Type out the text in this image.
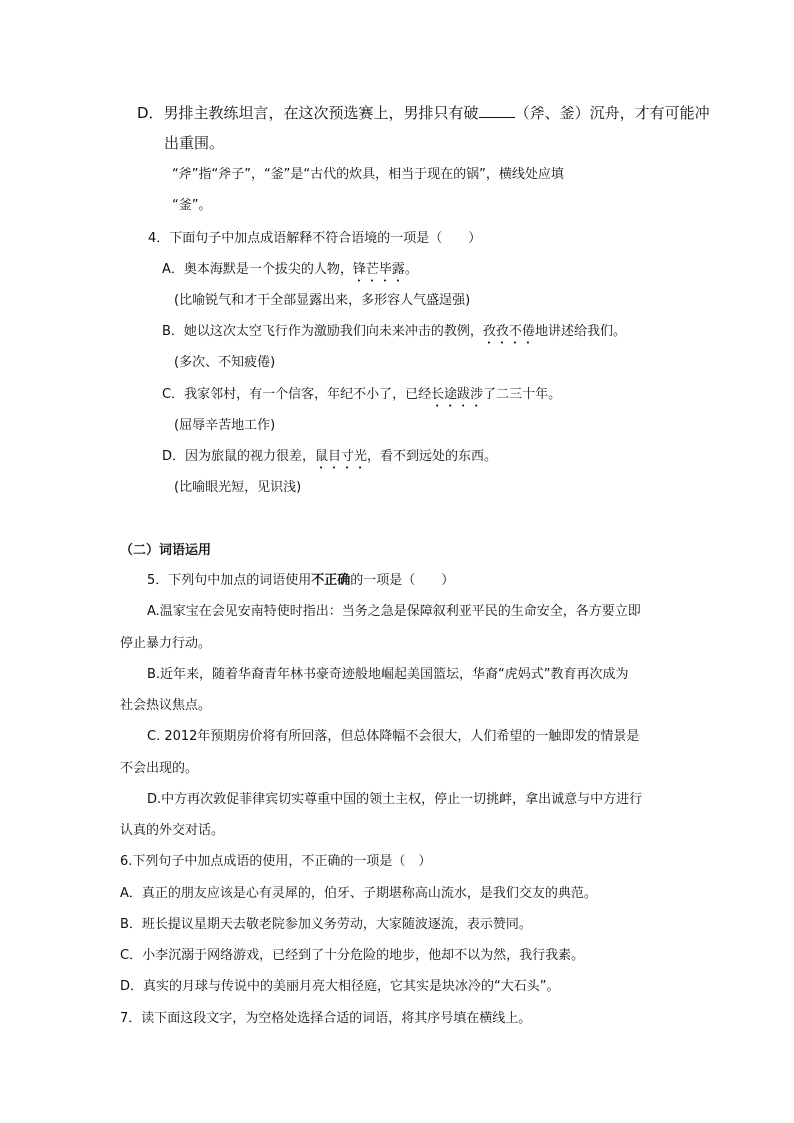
D．男排主教练坦言，在这次预选赛上，男排只有破 （斧、釜）沉舟，才有可能冲
出重围。
“斧”指“斧子”，“釜”是“古代的炊具，相当于现在的锅”，横线处应填
“釜”。
4．下面句子中加点成语解释不符合语境的一项是（　　）
A．奥本海默是一个拔尖的人物，锋芒毕露。
(比喻锐气和才干全部显露出来，多形容人气盛逞强)
B．她以这次太空飞行作为激励我们向未来冲击的教例，孜孜不倦地讲述给我们。
(多次、不知疲倦)
C．我家邻村，有一个信客，年纪不小了，已经长途跋涉了二三十年。
(屈辱辛苦地工作)
D．因为旅鼠的视力很差，鼠目寸光，看不到远处的东西。
(比喻眼光短，见识浅)
（二）词语运用
5．下列句中加点的词语使用不正确的一项是（　　）
A.温家宝在会见安南特使时指出：当务之急是保障叙利亚平民的生命安全，各方要立即
停止暴力行动。
B.近年来，随着华裔青年林书豪奇迹般地崛起美国篮坛，华裔“虎妈式”教育再次成为
社会热议焦点。
C. 2012年预期房价将有所回落，但总体降幅不会很大，人们希望的一触即发的情景是
不会出现的。
D.中方再次敦促菲律宾切实尊重中国的领土主权，停止一切挑衅，拿出诚意与中方进行
认真的外交对话。
6.下列句子中加点成语的使用，不正确的一项是（　）
A．真正的朋友应该是心有灵犀的，伯牙、子期堪称高山流水，是我们交友的典范。
B．班长提议星期天去敬老院参加义务劳动，大家随波逐流，表示赞同。
C．小李沉溺于网络游戏，已经到了十分危险的地步，他却不以为然，我行我素。
D．真实的月球与传说中的美丽月亮大相径庭，它其实是块冰冷的“大石头”。
7．读下面这段文字，为空格处选择合适的词语，将其序号填在横线上。
